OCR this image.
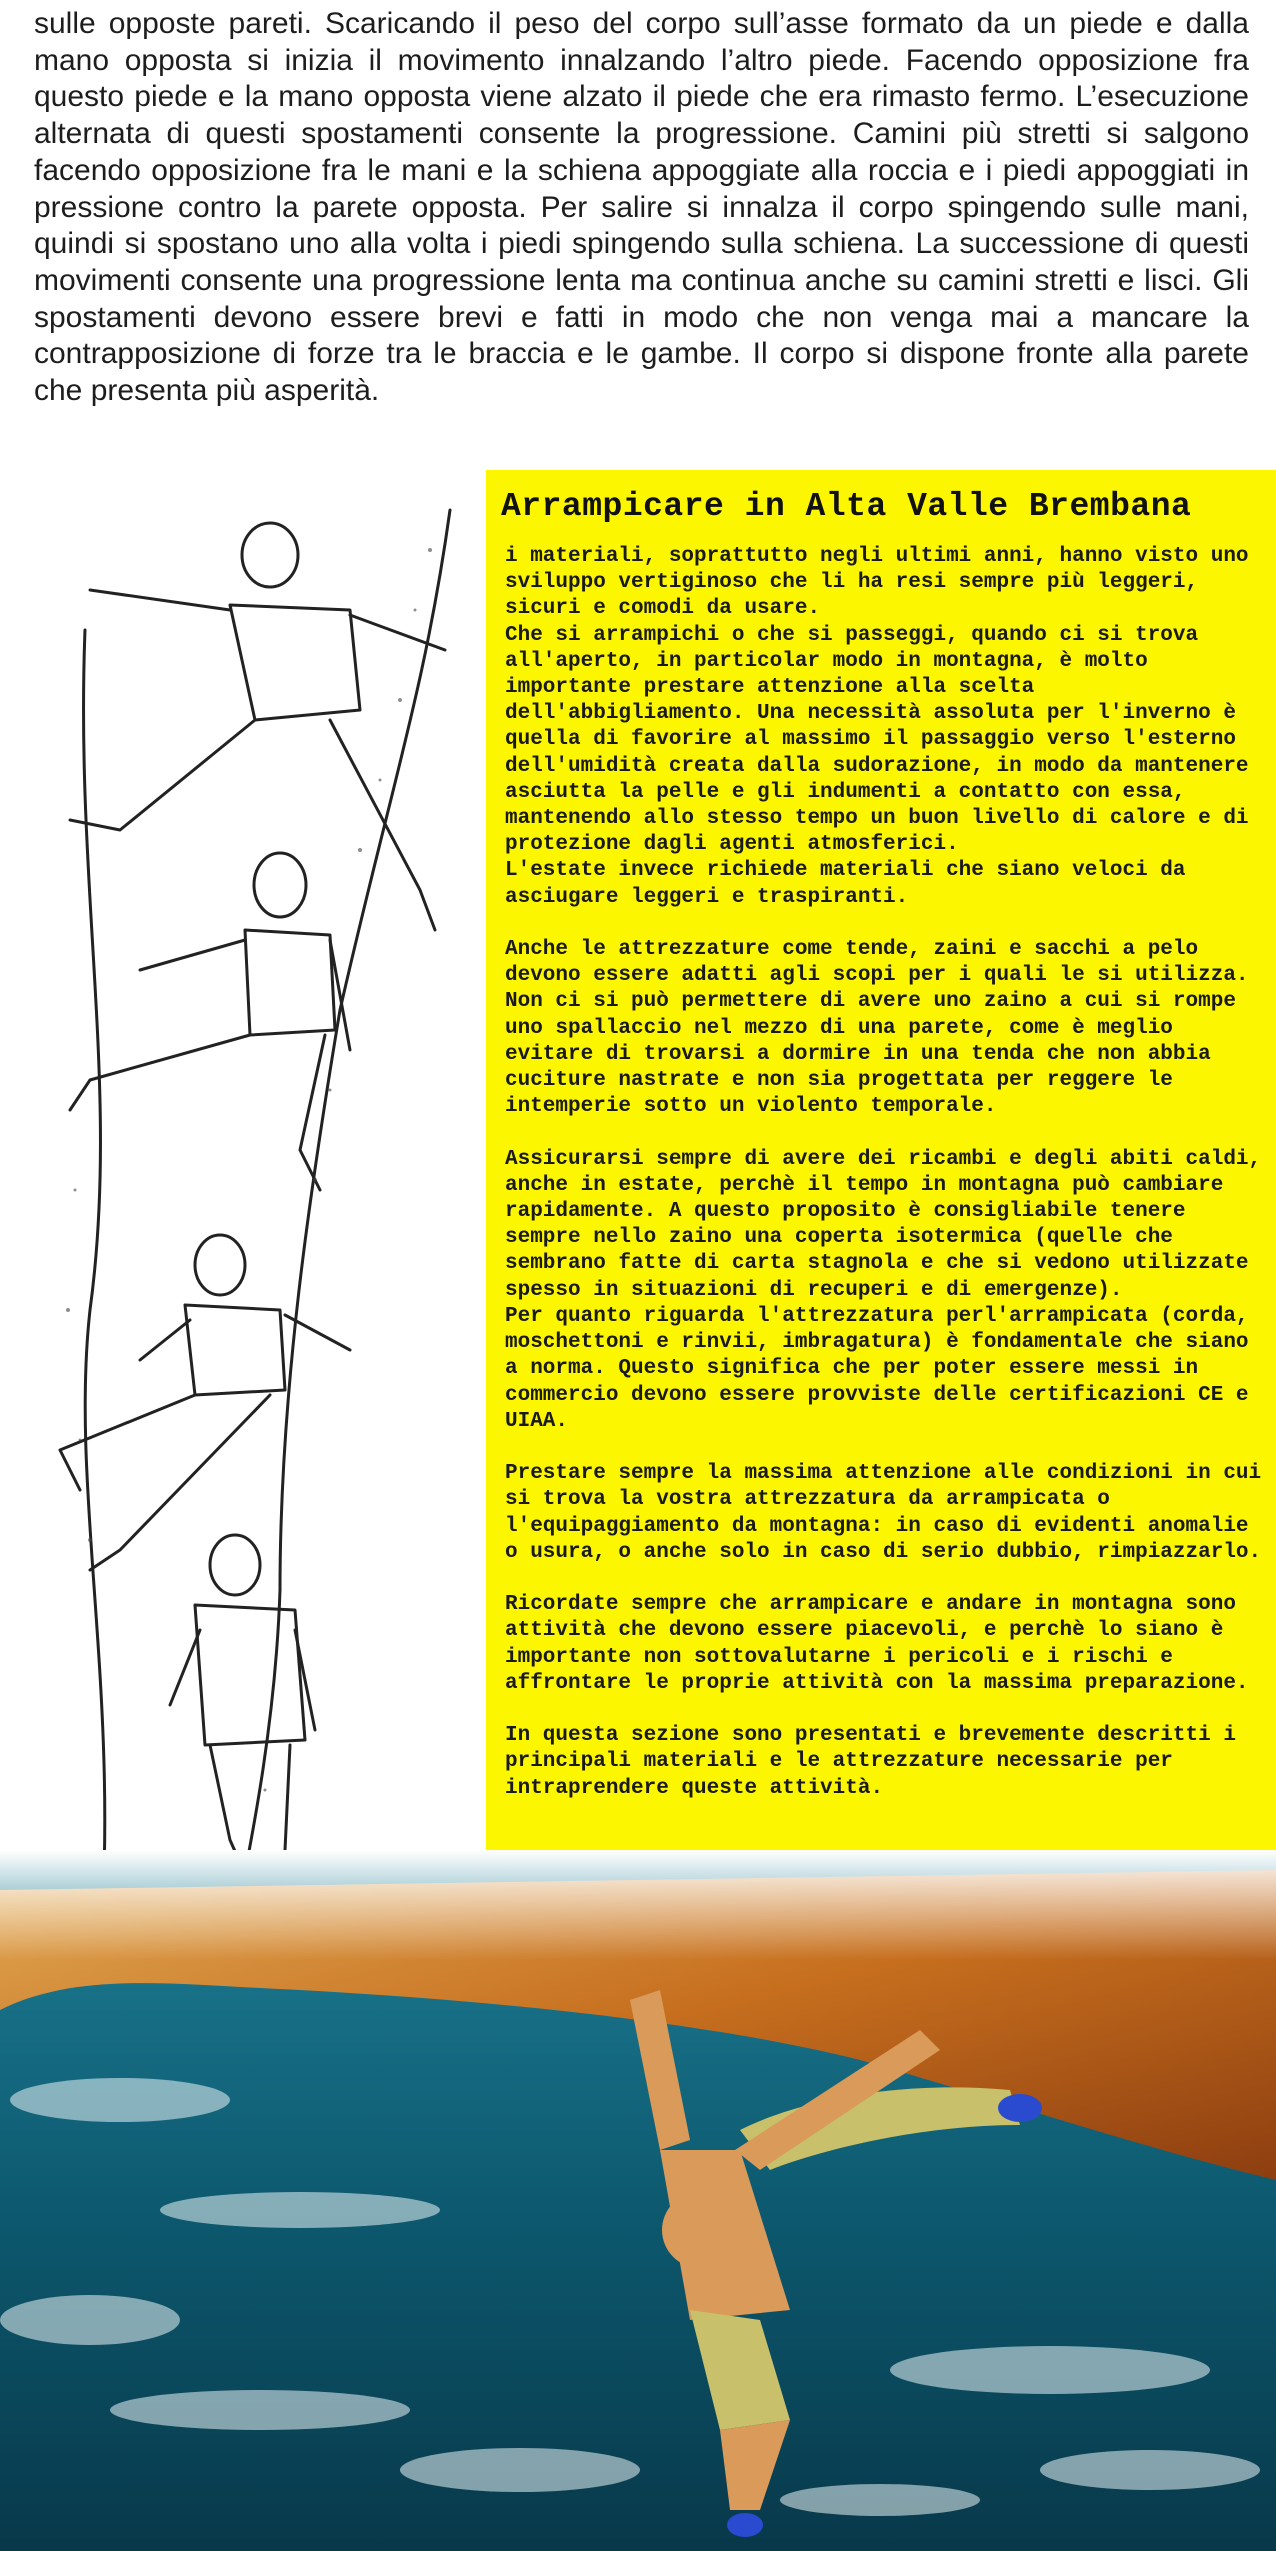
sulle opposte pareti. Scaricando il peso del corpo sull’asse formato da un piede e dalla mano opposta si inizia il movimento innalzando l’altro piede. Facendo opposizione fra questo piede e la mano opposta viene alzato il piede che era rimasto fermo. L’esecuzione alternata di questi spostamenti consente la progressione. Camini più stretti si salgono facendo opposizione fra le mani e la schiena appoggiate alla roccia e i piedi appoggiati in pressione contro la parete opposta. Per salire si innalza il corpo spingendo sulle mani, quindi si spostano uno alla volta i piedi spingendo sulla schiena. La successione di questi movimenti consente una progressione lenta ma continua anche su camini stretti e lisci. Gli spostamenti devono essere brevi e fatti in modo che non venga mai a mancare la contrapposizione di forze tra le braccia e le gambe. Il corpo si dispone fronte alla parete che presenta più asperità.

Arrampicare in Alta Valle Brembana

i materiali, soprattutto negli ultimi anni, hanno visto uno sviluppo vertiginoso che li ha resi sempre più leggeri, sicuri e comodi da usare.
Che si arrampichi o che si passeggi, quando ci si trova all'aperto, in particolar modo in montagna, è molto importante prestare attenzione alla scelta dell'abbigliamento. Una necessità assoluta per l'inverno è quella di favorire al massimo il passaggio verso l'esterno dell'umidità creata dalla sudorazione, in modo da mantenere asciutta la pelle e gli indumenti a contatto con essa, mantenendo allo stesso tempo un buon livello di calore e di protezione dagli agenti atmosferici.
L'estate invece richiede materiali che siano veloci da asciugare leggeri e traspiranti.

Anche le attrezzature come tende, zaini e sacchi a pelo devono essere adatti agli scopi per i quali le si utilizza. Non ci si può permettere di avere uno zaino a cui si rompe uno spallaccio nel mezzo di una parete, come è meglio evitare di trovarsi a dormire in una tenda che non abbia cuciture nastrate e non sia progettata per reggere le intemperie sotto un violento temporale.

Assicurarsi sempre di avere dei ricambi e degli abiti caldi, anche in estate, perchè il tempo in montagna può cambiare rapidamente. A questo proposito è consigliabile tenere sempre nello zaino una coperta isotermica (quelle che sembrano fatte di carta stagnola e che si vedono utilizzate spesso in situazioni di recuperi e di emergenze).
Per quanto riguarda l'attrezzatura perl'arrampicata (corda, moschettoni e rinvii, imbragatura) è fondamentale che siano a norma. Questo significa che per poter essere messi in commercio devono essere provviste delle certificazioni CE e UIAA.

Prestare sempre la massima attenzione alle condizioni in cui si trova la vostra attrezzatura da arrampicata o l'equipaggiamento da montagna: in caso di evidenti anomalie o usura, o anche solo in caso di serio dubbio, rimpiazzarlo.

Ricordate sempre che arrampicare e andare in montagna sono attività che devono essere piacevoli, e perchè lo siano è importante non sottovalutarne i pericoli e i rischi e affrontare le proprie attività con la massima preparazione.

In questa sezione sono presentati e brevemente descritti i principali materiali e le attrezzature necessarie per intraprendere queste attività.
